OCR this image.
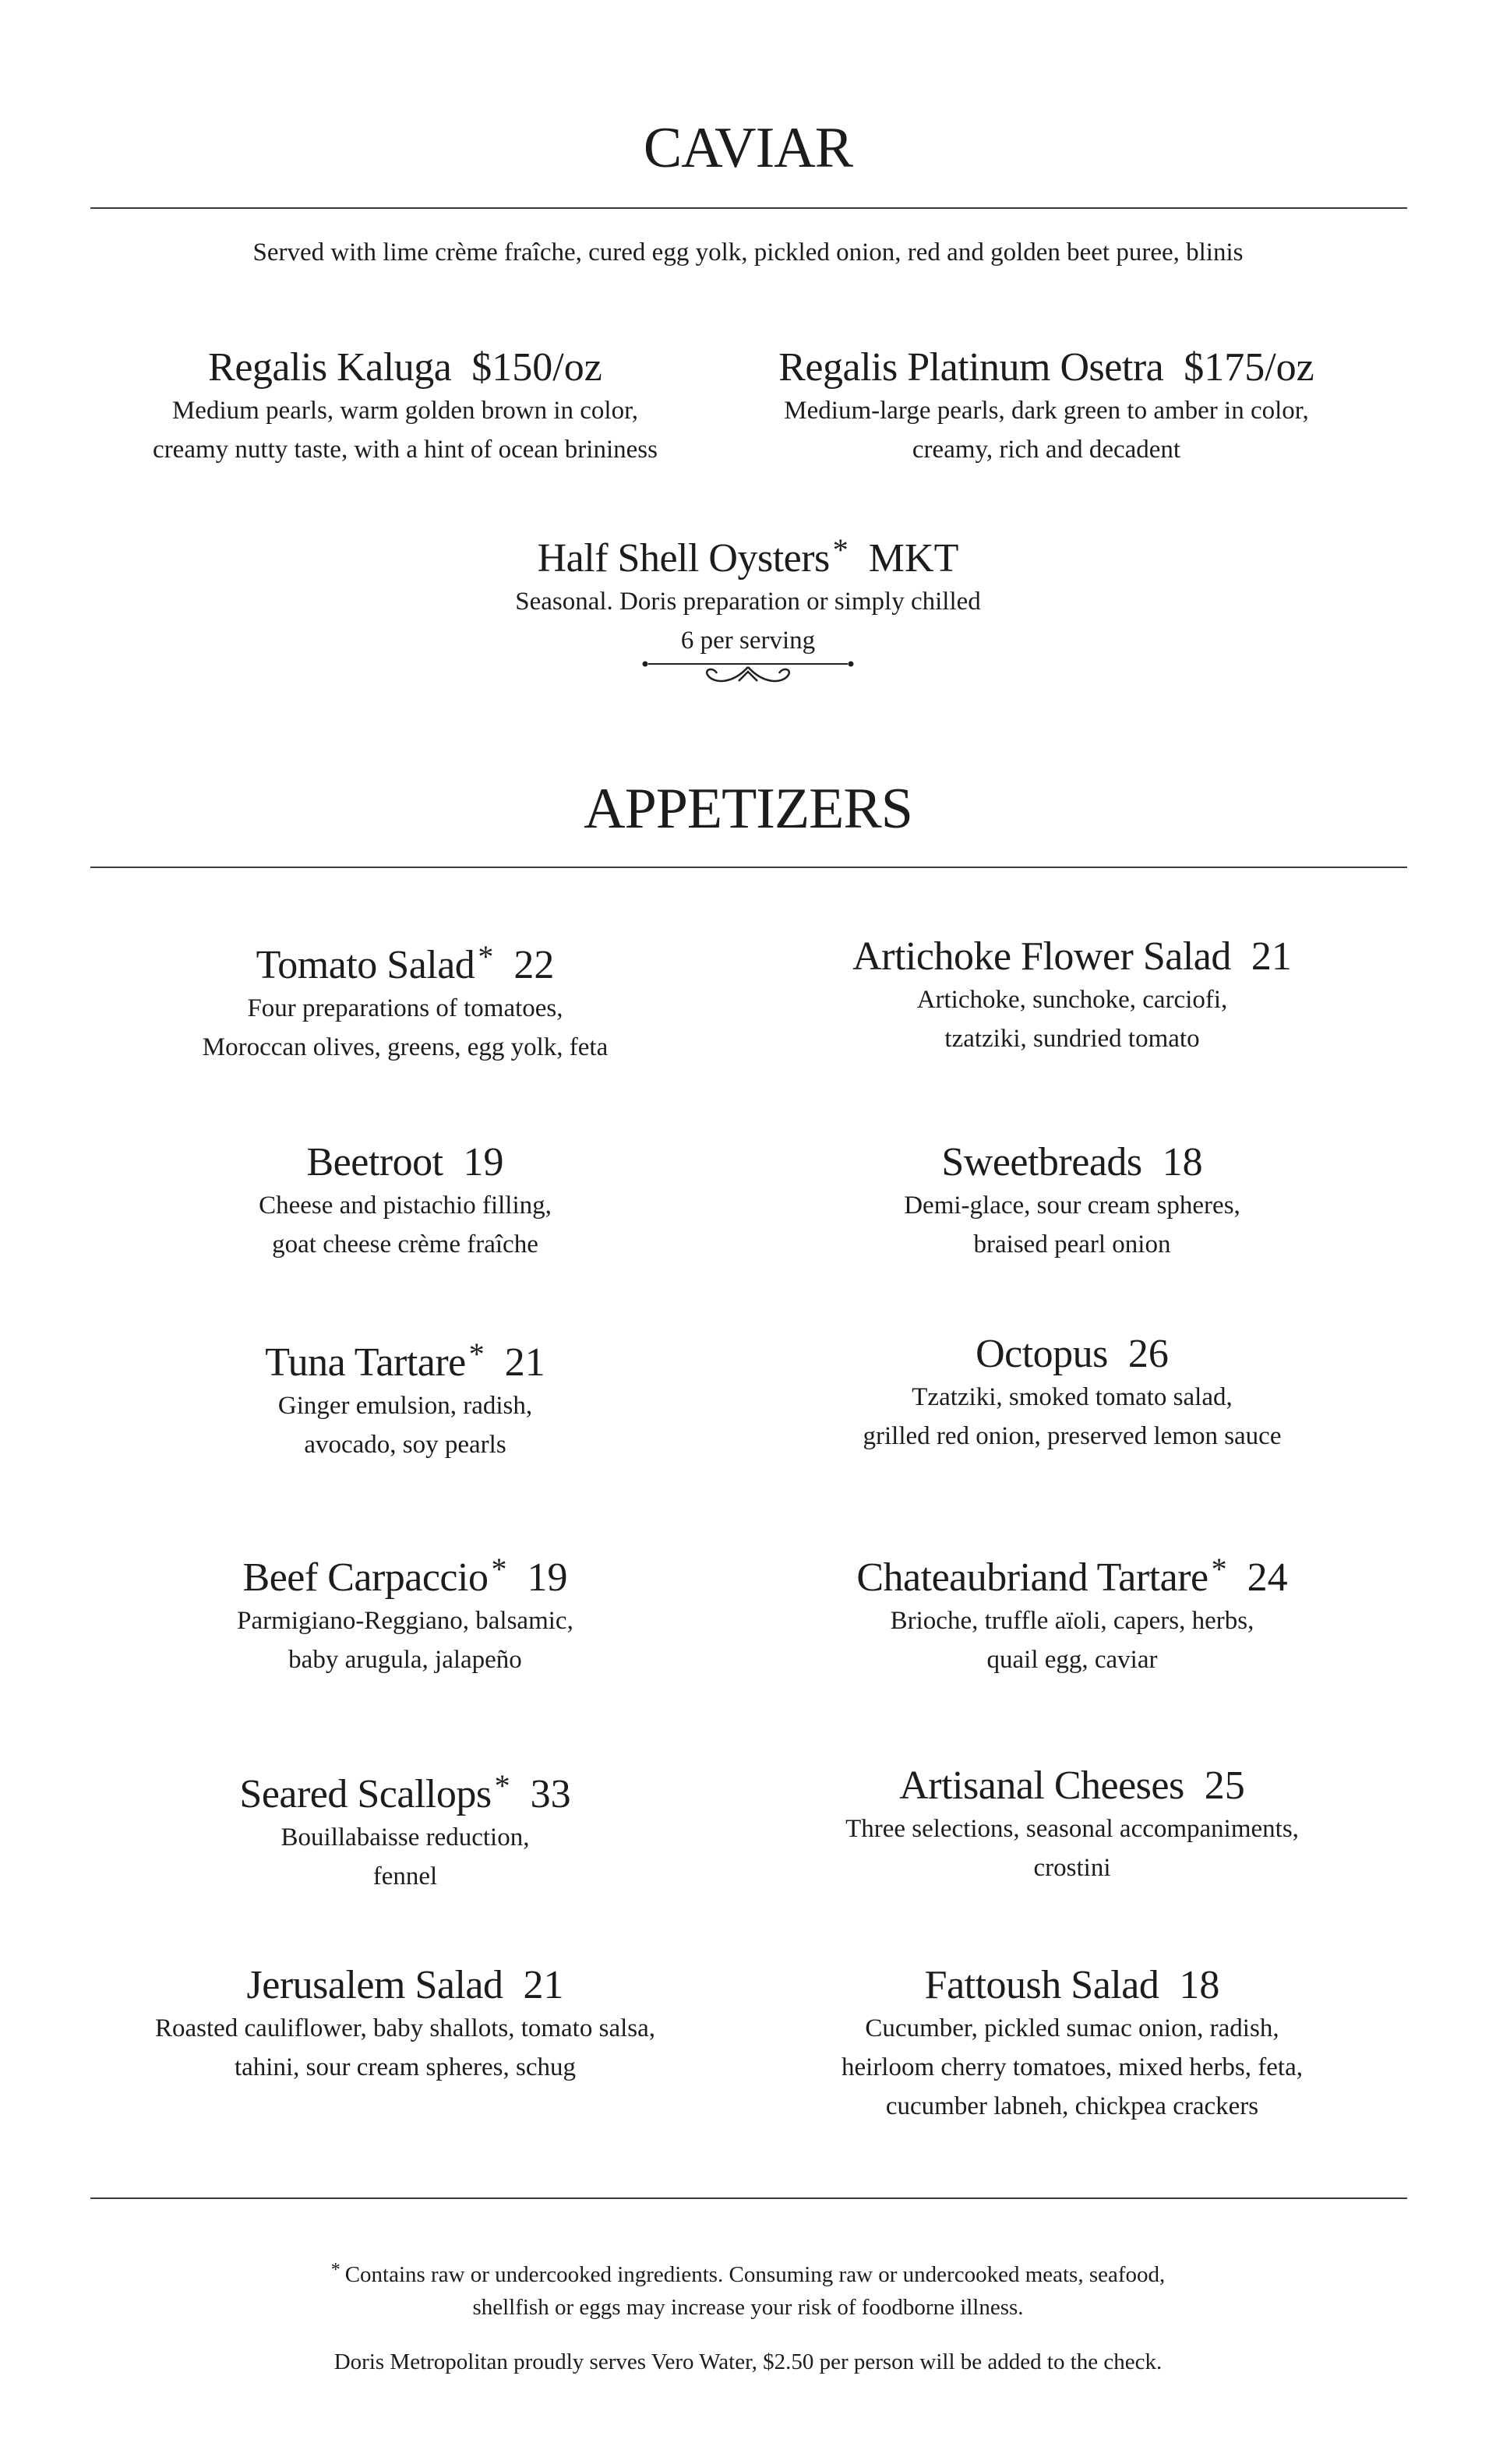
CAVIAR
Served with lime crème fraîche, cured egg yolk, pickled onion, red and golden beet puree, blinis
Regalis Kaluga $150/oz
Medium pearls, warm golden brown in color,
creamy nutty taste, with a hint of ocean brininess
Regalis Platinum Osetra $175/oz
Medium-large pearls, dark green to amber in color,
creamy, rich and decadent
Half Shell Oysters * MKT
Seasonal. Doris preparation or simply chilled
6 per serving
APPETIZERS
Tomato Salad * 22
Four preparations of tomatoes,
Moroccan olives, greens, egg yolk, feta
Artichoke Flower Salad 21
Artichoke, sunchoke, carciofi,
tzatziki, sundried tomato
Beetroot 19
Cheese and pistachio filling,
goat cheese crème fraîche
Sweetbreads 18
Demi-glace, sour cream spheres,
braised pearl onion
Tuna Tartare * 21
Ginger emulsion, radish,
avocado, soy pearls
Octopus 26
Tzatziki, smoked tomato salad,
grilled red onion, preserved lemon sauce
Beef Carpaccio * 19
Parmigiano-Reggiano, balsamic,
baby arugula, jalapeño
Chateaubriand Tartare * 24
Brioche, truffle aïoli, capers, herbs,
quail egg, caviar
Seared Scallops * 33
Bouillabaisse reduction,
fennel
Artisanal Cheeses 25
Three selections, seasonal accompaniments,
crostini
Jerusalem Salad 21
Roasted cauliflower, baby shallots, tomato salsa,
tahini, sour cream spheres, schug
Fattoush Salad 18
Cucumber, pickled sumac onion, radish,
heirloom cherry tomatoes, mixed herbs, feta,
cucumber labneh, chickpea crackers
* Contains raw or undercooked ingredients. Consuming raw or undercooked meats, seafood,
shellfish or eggs may increase your risk of foodborne illness.
Doris Metropolitan proudly serves Vero Water, $2.50 per person will be added to the check.
